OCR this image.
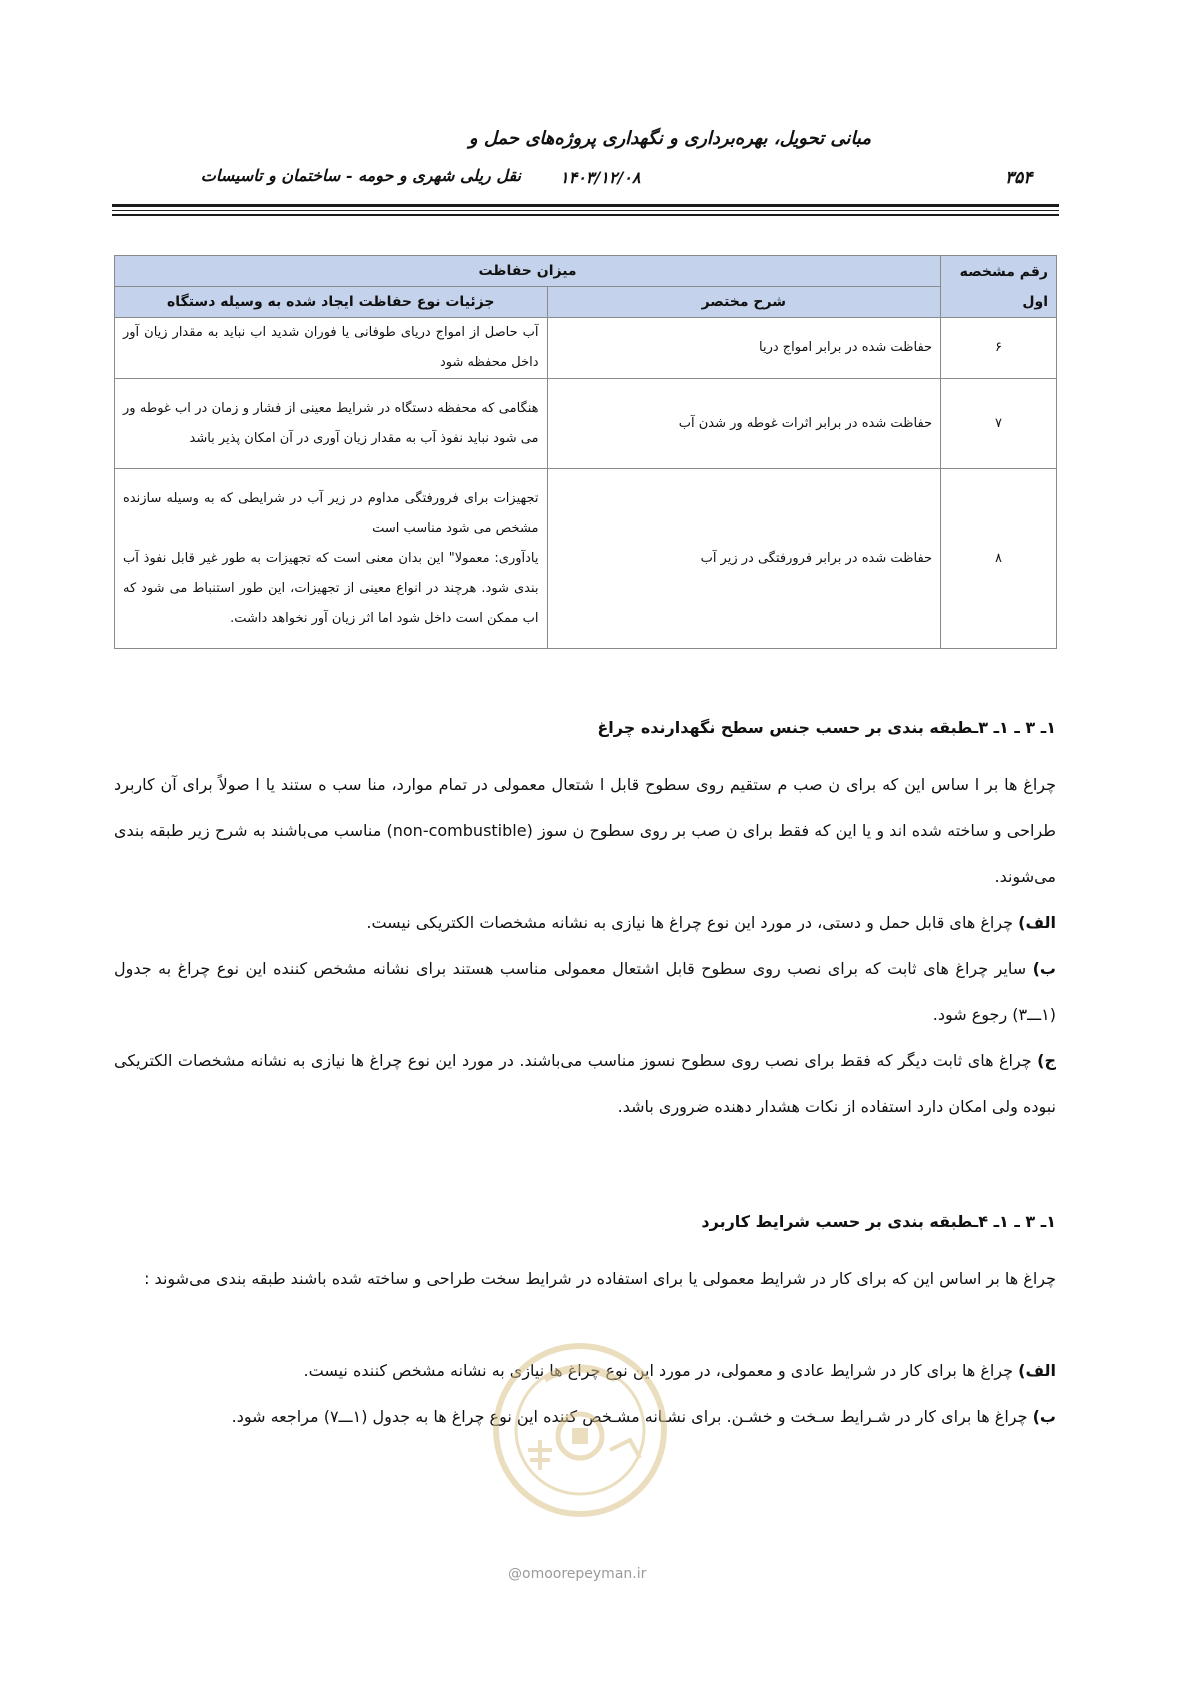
مبانی تحویل، بهره‌برداری و نگهداری پروژه‌های حمل و
نقل ریلی شهری و حومه - ساختمان و تاسیسات ۱۴۰۳/۱۲/۰۸	۳۵۴
رقم مشخصه اول	میزان حفاظت	
	شرح مختصر	جزئیات نوع حفاظت ایجاد شده به وسیله دستگاه
۶	حفاظت شده در برابر امواج دریا	آب حاصل از امواج دریای طوفانی یا فوران شدید اب نباید به مقدار زیان آور داخل محفظه شود
۷	حفاظت شده در برابر اثرات غوطه ور شدن آب	هنگامی که محفظه دستگاه در شرایط معینی از فشار و زمان در اب غوطه ور می شود نباید نفوذ آب به مقدار زیان آوری در آن امکان پذیر باشد
۸	حفاظت شده در برابر فرورفتگی در زیر آب	تجهیزات برای فرورفتگی مداوم در زیر آب در شرایطی که به وسیله سازنده مشخص می شود مناسب است
یادآوری: معمولا" این بدان معنی است که تجهیزات به طور غیر قابل نفوذ آب بندی شود. هرچند در انواع معینی از تجهیزات، این طور استنباط می شود که اب ممکن است داخل شود اما اثر زیان آور نخواهد داشت.
۱ـ ۳ ـ ۱ـ ۳ـطبقه بندی بر حسب جنس سطح نگهدارنده چراغ
چراغ ها بر ا ساس این که برای ن صب م ستقیم روی سطوح قابل ا شتعال معمولی در تمام موارد، منا سب ه ستند یا ا صولاً برای آن کاربرد طراحی و ساخته شده اند و یا این که فقط برای ن صب بر روی سطوح ن سوز (non-combustible) مناسب می‌باشند به شرح زیر طبقه بندی می‌شوند.
الف) چراغ های قابل حمل و دستی، در مورد این نوع چراغ ها نیازی به نشانه مشخصات الکتریکی نیست.
ب) سایر چراغ های ثابت که برای نصب روی سطوح قابل اشتعال معمولی مناسب هستند برای نشانه مشخص کننده این نوع چراغ به جدول (۱ـــ۳) رجوع شود.
ج) چراغ های ثابت دیگر که فقط برای نصب روی سطوح نسوز مناسب می‌باشند. در مورد این نوع چراغ ها نیازی به نشانه مشخصات الکتریکی نبوده ولی امکان دارد استفاده از نکات هشدار دهنده ضروری باشد.
۱ـ ۳ ـ ۱ـ ۴ـطبقه بندی بر حسب شرایط کاربرد
چراغ ها بر اساس این که برای کار در شرایط معمولی یا برای استفاده در شرایط سخت طراحی و ساخته شده باشند طبقه بندی می‌شوند :
الف) چراغ ها برای کار در شرایط عادی و معمولی، در مورد این نوع چراغ ها نیازی به نشانه مشخص کننده نیست.
ب) چراغ ها برای کار در شـرایط سـخت و خشـن. برای نشـانه مشـخص کننده این نوع چراغ ها به جدول (۱ـــ۷) مراجعه شود.
@omoorepeyman.ir
